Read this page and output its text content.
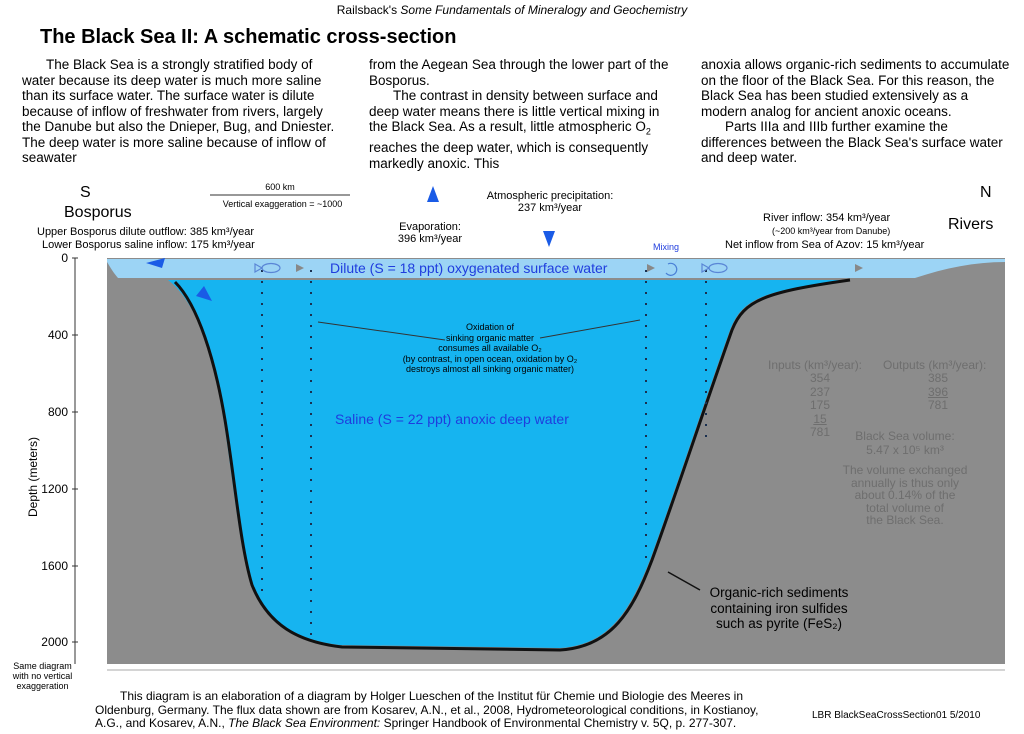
Railsback's Some Fundamentals of Mineralogy and Geochemistry
The Black Sea II: A schematic cross-section

The Black Sea is a strongly stratified body of water because its deep water is much more saline than its surface water. The surface water is dilute because of inflow of freshwater from rivers, largely the Danube but also the Dnieper, Bug, and Dniester. The deep water is more saline because of inflow of seawater

from the Aegean Sea through the lower part of the Bosporus.

The contrast in density between surface and deep water means there is little vertical mixing in the Black Sea. As a result, little atmospheric $O_2$ reaches the deep water, which is consequently markedly anoxic. This

anoxia allows organic-rich sediments to accumulate on the floor of the Black Sea. For this reason, the Black Sea has been studied extensively as a modern analog for ancient anoxic oceans.

Parts IIIa and IIIb further examine the differences between the Black Sea's surface water and deep water.

S
Bosporus
N
Rivers
600 km
Vertical exaggeration = ~1000
Upper Bosporus dilute outflow: 385 km³/year
Lower Bosporus saline inflow: 175 km³/year
Evaporation:
396 km³/year
Atmospheric precipitation:
237 km³/year
Mixing
River inflow: 354 km³/year
(~200 km³/year from Danube)
Net inflow from Sea of Azov: 15 km³/year
Dilute (S = 18 ppt) oxygenated surface water
Saline (S = 22 ppt) anoxic deep water
Oxidation of
sinking organic matter
consumes all available O₂
(by contrast, in open ocean, oxidation by O₂
destroys almost all sinking organic matter)	Inputs (km³/year): Outputs (km³/year):
354
237
175
15
781
385
396
781
Black Sea volume:
5.47 x 10⁵ km³
The volume exchanged
annually is thus only
about 0.14% of the
total volume of
the Black Sea.
Organic-rich sediments
containing iron sulfides
such as pyrite (FeS₂)
0
400
800
1200
1600
2000
Depth (meters)
Same diagram
with no vertical
exaggeration
This diagram is an elaboration of a diagram by Holger Lueschen of the Institut für Chemie und Biologie des Meeres in Oldenburg, Germany. The flux data shown are from Kosarev, A.N., et al., 2008, Hydrometeorological conditions, in Kostianoy, A.G., and Kosarev, A.N., The Black Sea Environment: Springer Handbook of Environmental Chemistry v. 5Q, p. 277-307.
LBR BlackSeaCrossSection01 5/2010
